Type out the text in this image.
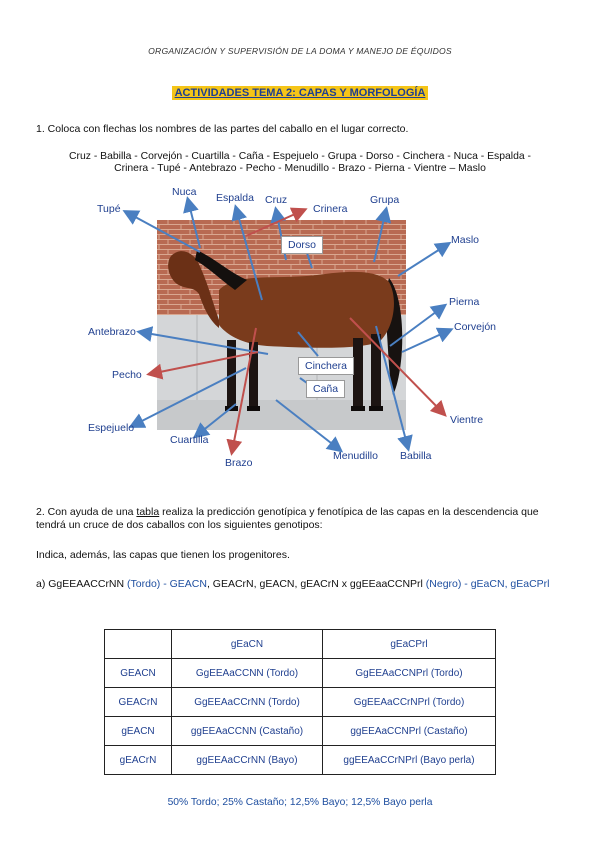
ORGANIZACIÓN Y SUPERVISIÓN DE LA DOMA Y MANEJO DE ÉQUIDOS
ACTIVIDADES TEMA 2: CAPAS Y MORFOLOGÍA
1. Coloca con flechas los nombres de las partes del caballo en el lugar correcto.
Cruz - Babilla - Corvejón - Cuartilla - Caña - Espejuelo - Grupa - Dorso - Cinchera - Nuca - Espalda -
Crinera - Tupé - Antebrazo - Pecho - Menudillo - Brazo - Pierna - Vientre – Maslo
Nuca Espalda Cruz
Crinera
Grupa
Tupé
Maslo
Dorso
Pierna
Corvejón
Antebrazo
Cinchera
Pecho
Caña
Vientre
Espejuelo
Cuartilla
Brazo
Menudillo Babilla
2. Con ayuda de una tabla realiza la predicción genotípica y fenotípica de las capas en la descendencia que tendrá un cruce de dos caballos con los siguientes genotipos:
Indica, además, las capas que tienen los progenitores.
a) GgEEAACCrNN (Tordo) - GEACN, GEACrN, gEACN, gEACrN x ggEEaaCCNPrl (Negro) - gEaCN, gEaCPrl
	gEaCN	gEaCPrl
GEACN	GgEEAaCCNN (Tordo)	GgEEAaCCNPrl (Tordo)
GEACrN	GgEEAaCCrNN (Tordo)	GgEEAaCCrNPrl (Tordo)
gEACN	ggEEAaCCNN (Castaño)	ggEEAaCCNPrl (Castaño)
gEACrN	ggEEAaCCrNN (Bayo)	ggEEAaCCrNPrl (Bayo perla)
50% Tordo; 25% Castaño; 12,5% Bayo; 12,5% Bayo perla
